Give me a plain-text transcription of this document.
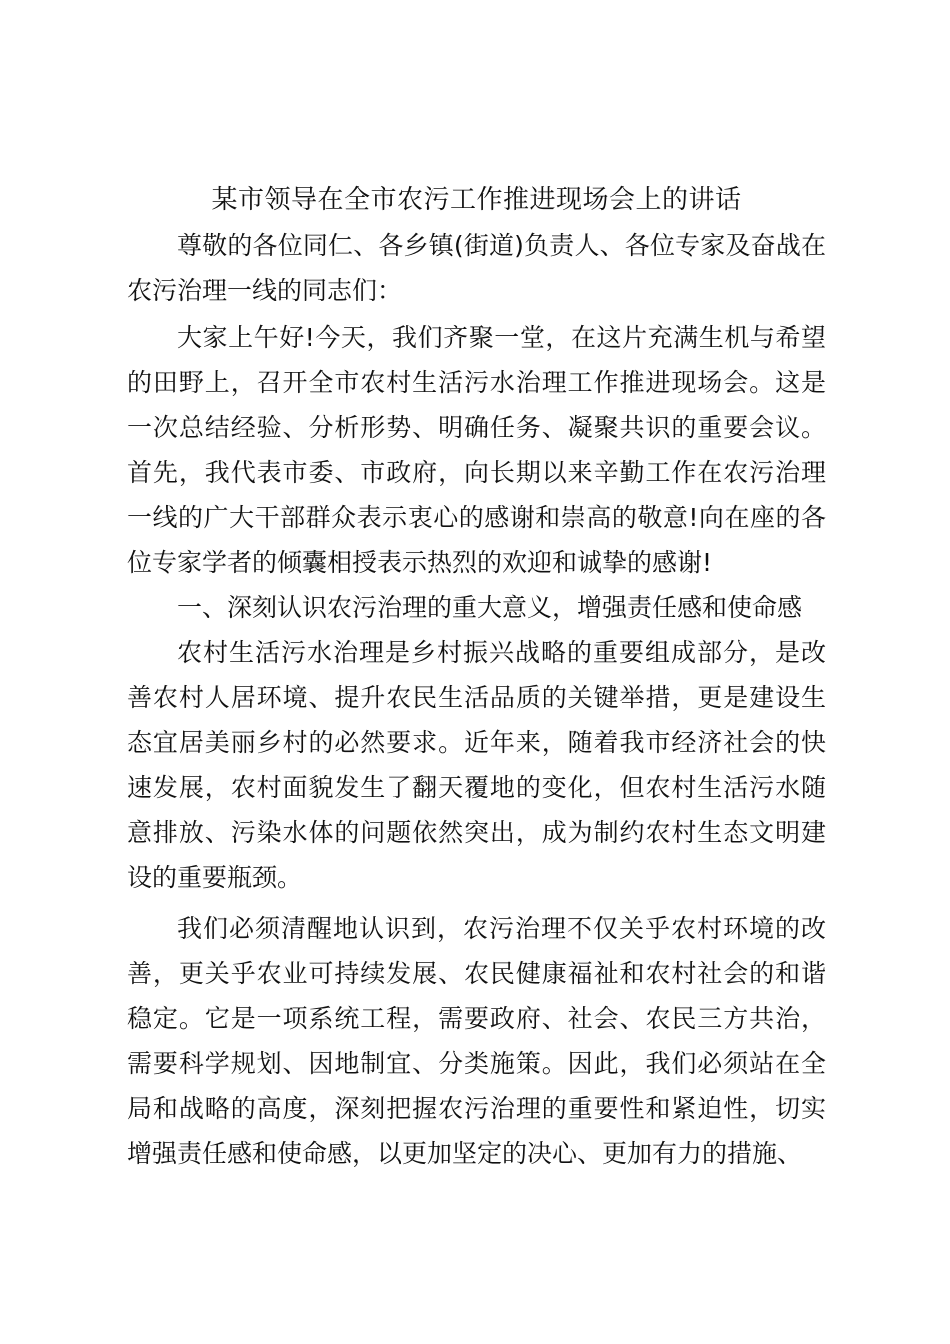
某市领导在全市农污工作推进现场会上的讲话

尊敬的各位同仁、各乡镇(街道)负责人、各位专家及奋战在农污治理一线的同志们：

大家上午好!今天，我们齐聚一堂，在这片充满生机与希望的田野上，召开全市农村生活污水治理工作推进现场会。这是一次总结经验、分析形势、明确任务、凝聚共识的重要会议。首先，我代表市委、市政府，向长期以来辛勤工作在农污治理一线的广大干部群众表示衷心的感谢和崇高的敬意!向在座的各位专家学者的倾囊相授表示热烈的欢迎和诚挚的感谢!

一、深刻认识农污治理的重大意义，增强责任感和使命感

农村生活污水治理是乡村振兴战略的重要组成部分，是改善农村人居环境、提升农民生活品质的关键举措，更是建设生态宜居美丽乡村的必然要求。近年来，随着我市经济社会的快速发展，农村面貌发生了翻天覆地的变化，但农村生活污水随意排放、污染水体的问题依然突出，成为制约农村生态文明建设的重要瓶颈。

我们必须清醒地认识到，农污治理不仅关乎农村环境的改善，更关乎农业可持续发展、农民健康福祉和农村社会的和谐稳定。它是一项系统工程，需要政府、社会、农民三方共治，需要科学规划、因地制宜、分类施策。因此，我们必须站在全局和战略的高度，深刻把握农污治理的重要性和紧迫性，切实增强责任感和使命感，以更加坚定的决心、更加有力的措施、
